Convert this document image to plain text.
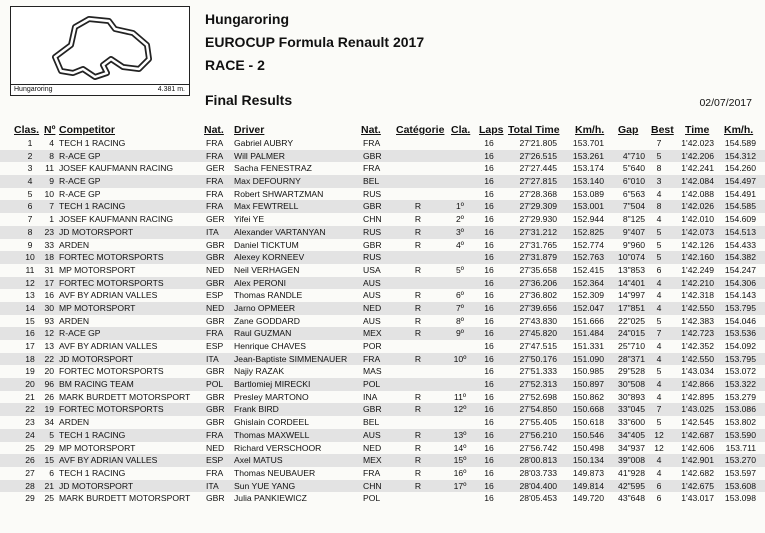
Hungaroring	4.381 m.
Hungaroring
EUROCUP Formula Renault 2017
RACE - 2
Final Results	02/07/2017
Clas. Nº Competitor	Nat. Driver	Nat. Catégorie Cla. Laps Total Time Km/h. Gap Best Time Km/h.
1	4 TECH 1 RACING	FRA Gabriel AUBRY	FRA	16	27'21.805	153.701	7	1'42.023	154.589
2	8 R-ACE GP	FRA Will PALMER	GBR	16	27'26.515	153.261	4"710	5	1'42.206	154.312
3	11 JOSEF KAUFMANN RACING	GER Sacha FENESTRAZ	FRA	16	27'27.445	153.174	5"640	8	1'42.241	154.260
4	9 R-ACE GP	FRA Max DEFOURNY	BEL	16	27'27.815	153.140	6"010	3	1'42.084	154.497
5	10 R-ACE GP	FRA Robert SHWARTZMAN	RUS	16	27'28.368	153.089	6"563	4	1'42.088	154.491
6	7 TECH 1 RACING	FRA Max FEWTRELL	GBR	R	1º	16	27'29.309	153.001	7"504	8	1'42.026	154.585
7	1 JOSEF KAUFMANN RACING	GER Yifei YE	CHN	R	2º	16	27'29.930	152.944	8"125	4	1'42.010	154.609
8	23 JD MOTORSPORT	ITA Alexander VARTANYAN	RUS	R	3º	16	27'31.212	152.825	9"407	5	1'42.073	154.513
9	33 ARDEN	GBR Daniel TICKTUM	GBR	R	4º	16	27'31.765	152.774	9"960	5	1'42.126	154.433
10	18 FORTEC MOTORSPORTS	GBR Alexey KORNEEV	RUS	16	27'31.879	152.763	10"074	5	1'42.160	154.382
11	31 MP MOTORSPORT	NED Neil VERHAGEN	USA	R	5º	16	27'35.658	152.415	13"853	6	1'42.249	154.247
12	17 FORTEC MOTORSPORTS	GBR Alex PERONI	AUS	16	27'36.206	152.364	14"401	4	1'42.210	154.306
13	16 AVF BY ADRIAN VALLES	ESP Thomas RANDLE	AUS	R	6º	16	27'36.802	152.309	14"997	4	1'42.318	154.143
14	30 MP MOTORSPORT	NED Jarno OPMEER	NED	R	7º	16	27'39.656	152.047	17"851	4	1'42.550	153.795
15	93 ARDEN	GBR Zane GODDARD	AUS	R	8º	16	27'43.830	151.666	22"025	5	1'42.383	154.046
16	12 R-ACE GP	FRA Raul GUZMAN	MEX	R	9º	16	27'45.820	151.484	24"015	7	1'42.723	153.536
17	13 AVF BY ADRIAN VALLES	ESP Henrique CHAVES	POR	16	27'47.515	151.331	25"710	4	1'42.352	154.092
18	22 JD MOTORSPORT	ITA Jean-Baptiste SIMMENAUER FRA	R	10º	16	27'50.176	151.090	28"371	4	1'42.550	153.795
19	20 FORTEC MOTORSPORTS	GBR Najiy RAZAK	MAS	16	27'51.333	150.985	29"528	5	1'43.034	153.072
20	96 BM RACING TEAM	POL Bartlomiej MIRECKI	POL	16	27'52.313	150.897	30"508	4	1'42.866	153.322
21	26 MARK BURDETT MOTORSPORT GBR Presley MARTONO	INA	R	11º	16	27'52.698	150.862	30"893	4	1'42.895	153.279
22	19 FORTEC MOTORSPORTS	GBR Frank BIRD	GBR	R	12º	16	27'54.850	150.668	33"045	7	1'43.025	153.086
23	34 ARDEN	GBR Ghislain CORDEEL	BEL	16	27'55.405	150.618	33"600	5	1'42.545	153.802
24	5 TECH 1 RACING	FRA Thomas MAXWELL	AUS	R	13º	16	27'56.210	150.546	34"405 12	1'42.687	153.590
25	29 MP MOTORSPORT	NED Richard VERSCHOOR	NED	R	14º	16	27'56.742	150.498	34"937 12	1'42.606	153.711
26	15 AVF BY ADRIAN VALLES	ESP Axel MATUS	MEX	R	15º	16	28'00.813	150.134	39"008	4	1'42.901	153.270
27	6 TECH 1 RACING	FRA Thomas NEUBAUER	FRA	R	16º	16	28'03.733	149.873	41"928	4	1'42.682	153.597
28	21 JD MOTORSPORT	ITA Sun YUE YANG	CHN	R	17º	16	28'04.400	149.814	42"595	6	1'42.675	153.608
29	25 MARK BURDETT MOTORSPORT GBR Julia PANKIEWICZ	POL	16	28'05.453	149.720	43"648	6	1'43.017	153.098
